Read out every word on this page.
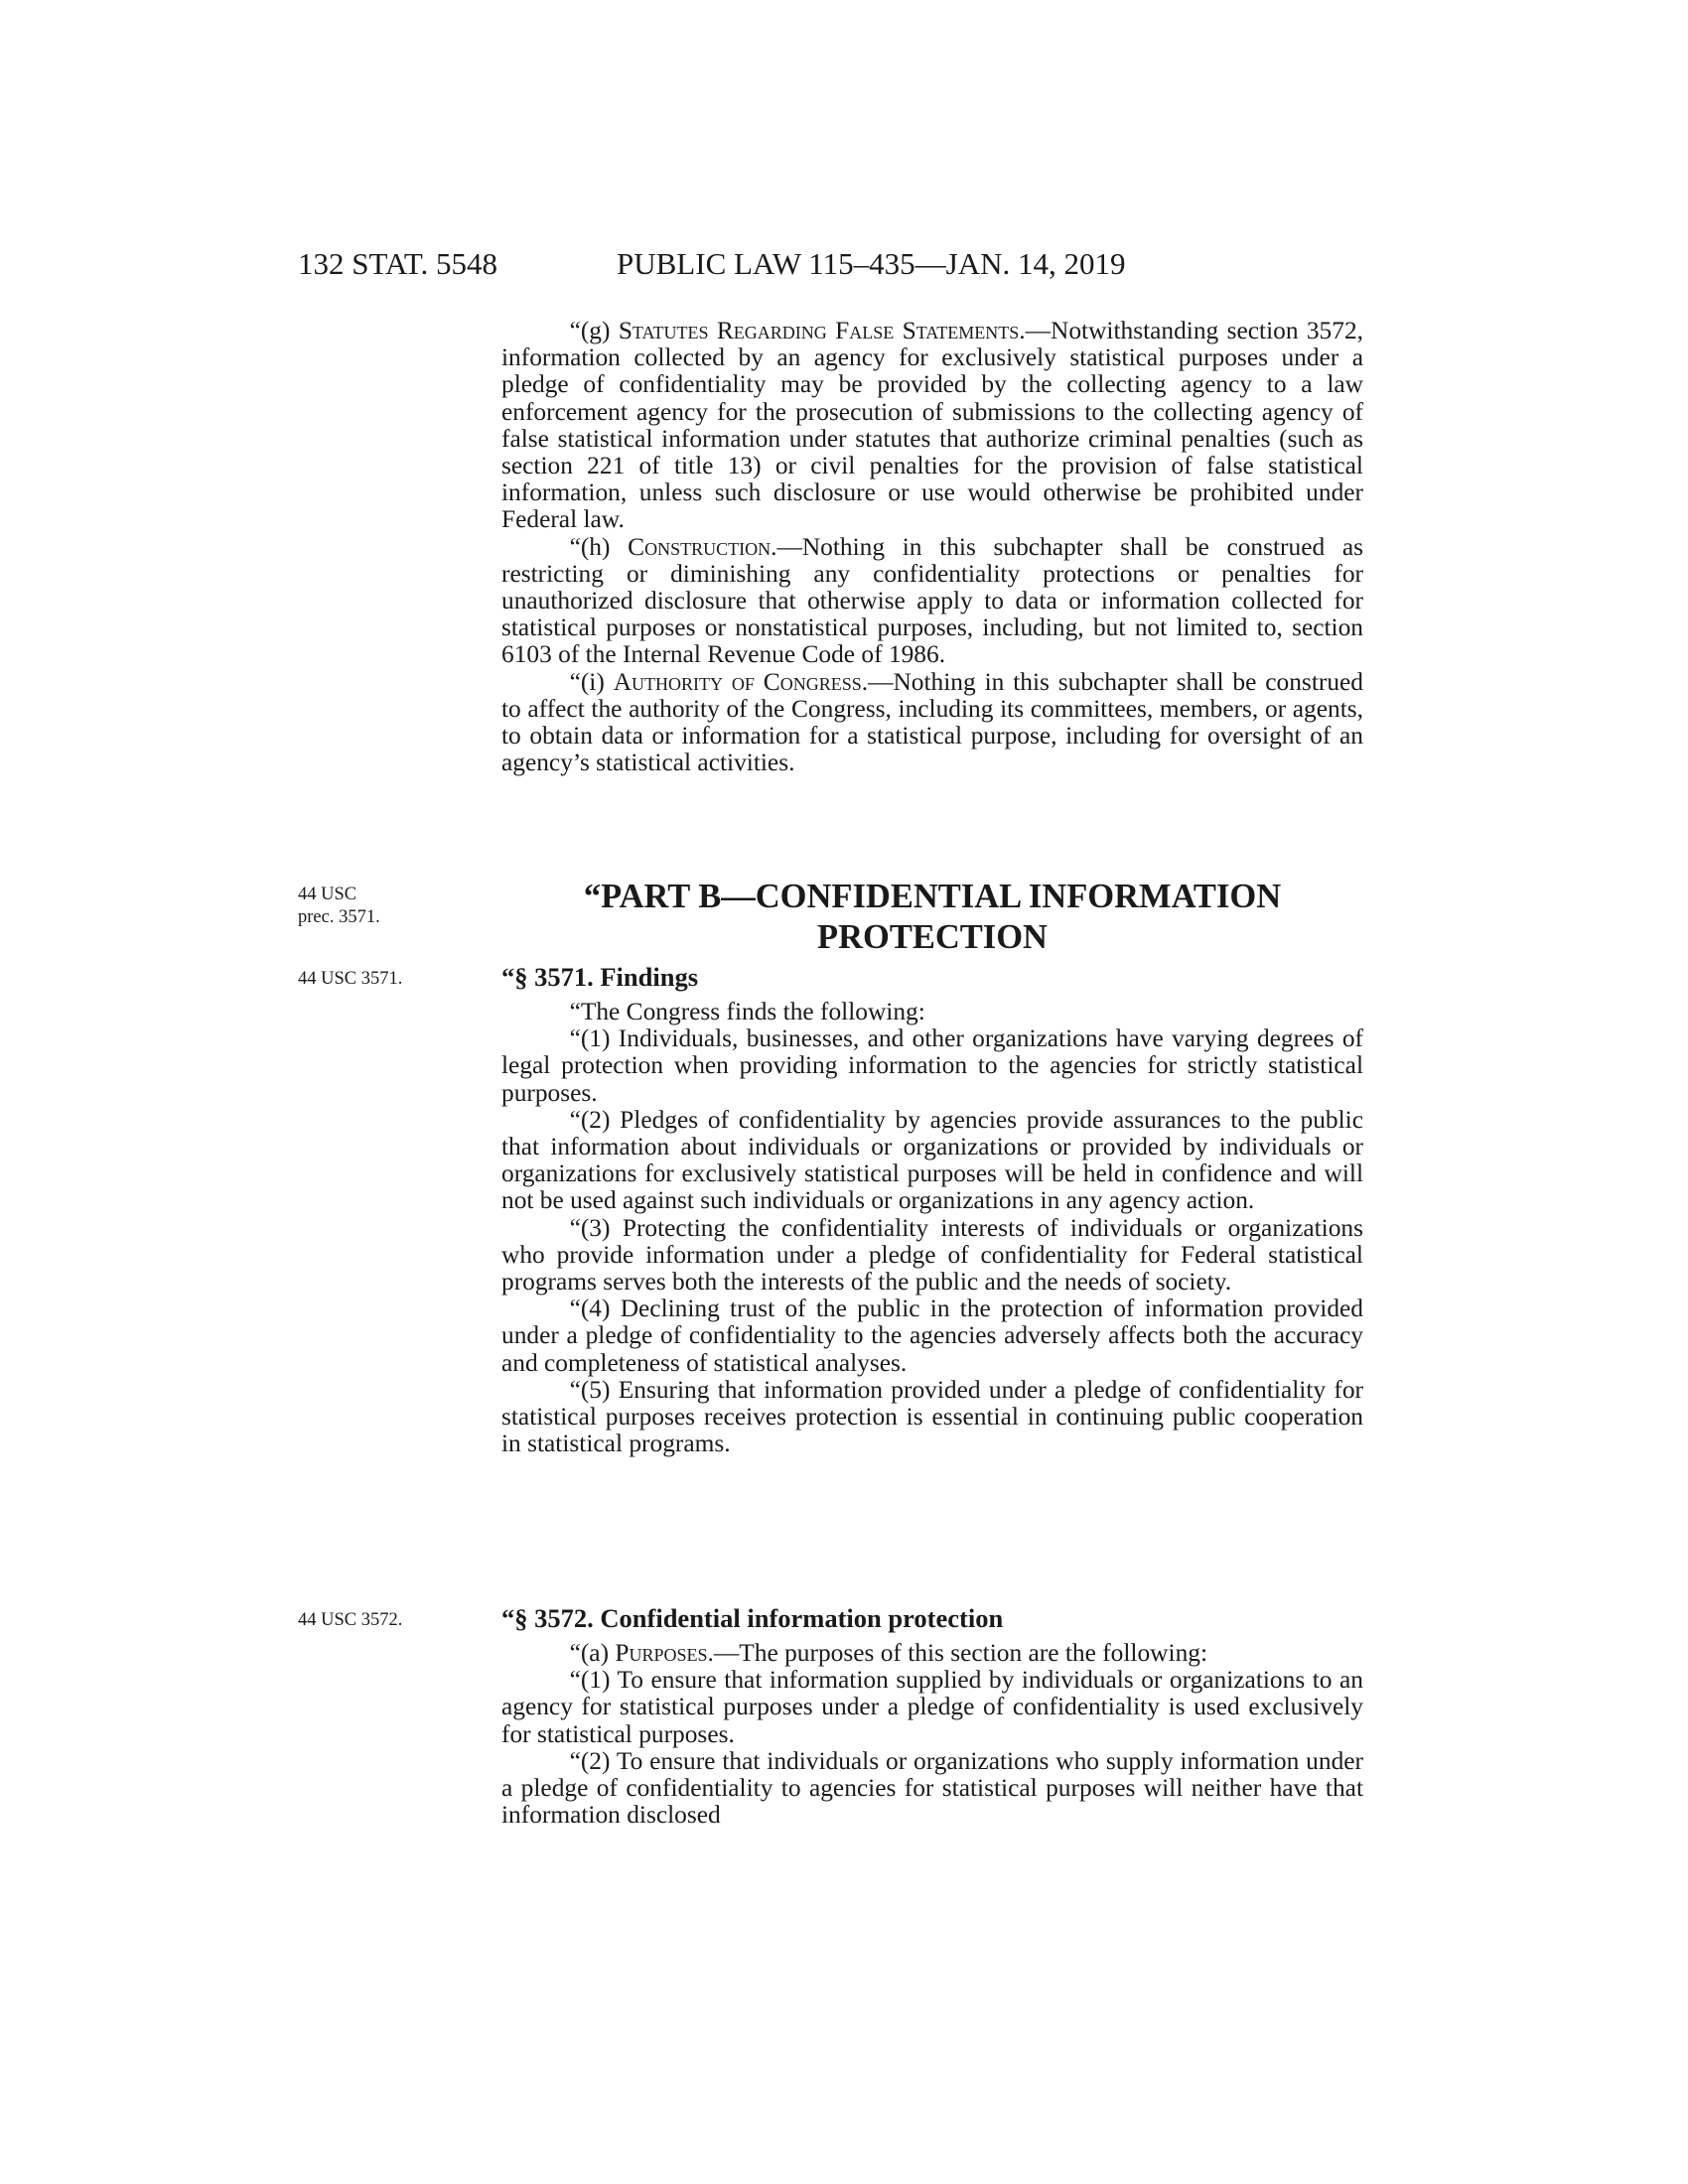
132 STAT. 5548	PUBLIC LAW 115–435—JAN. 14, 2019

“(g) Statutes Regarding False Statements.—Notwithstanding section 3572, information collected by an agency for exclusively statistical purposes under a pledge of confidentiality may be provided by the collecting agency to a law enforcement agency for the prosecution of submissions to the collecting agency of false statistical information under statutes that authorize criminal penalties (such as section 221 of title 13) or civil penalties for the provision of false statistical information, unless such disclosure or use would otherwise be prohibited under Federal law.

“(h) Construction.—Nothing in this subchapter shall be construed as restricting or diminishing any confidentiality protections or penalties for unauthorized disclosure that otherwise apply to data or information collected for statistical purposes or nonstatistical purposes, including, but not limited to, section 6103 of the Internal Revenue Code of 1986.

“(i) Authority of Congress.—Nothing in this subchapter shall be construed to affect the authority of the Congress, including its committees, members, or agents, to obtain data or information for a statistical purpose, including for oversight of an agency’s statistical activities.

44 USC
prec. 3571.
“PART B—CONFIDENTIAL INFORMATION
PROTECTION
44 USC 3571.	“§ 3571. Findings

“The Congress finds the following:

“(1) Individuals, businesses, and other organizations have varying degrees of legal protection when providing information to the agencies for strictly statistical purposes.

“(2) Pledges of confidentiality by agencies provide assurances to the public that information about individuals or organizations or provided by individuals or organizations for exclusively statistical purposes will be held in confidence and will not be used against such individuals or organizations in any agency action.

“(3) Protecting the confidentiality interests of individuals or organizations who provide information under a pledge of confidentiality for Federal statistical programs serves both the interests of the public and the needs of society.

“(4) Declining trust of the public in the protection of information provided under a pledge of confidentiality to the agencies adversely affects both the accuracy and completeness of statistical analyses.

“(5) Ensuring that information provided under a pledge of confidentiality for statistical purposes receives protection is essential in continuing public cooperation in statistical programs.

44 USC 3572.	“§ 3572. Confidential information protection

“(a) Purposes.—The purposes of this section are the following:

“(1) To ensure that information supplied by individuals or organizations to an agency for statistical purposes under a pledge of confidentiality is used exclusively for statistical purposes.

“(2) To ensure that individuals or organizations who supply information under a pledge of confidentiality to agencies for statistical purposes will neither have that information disclosed
